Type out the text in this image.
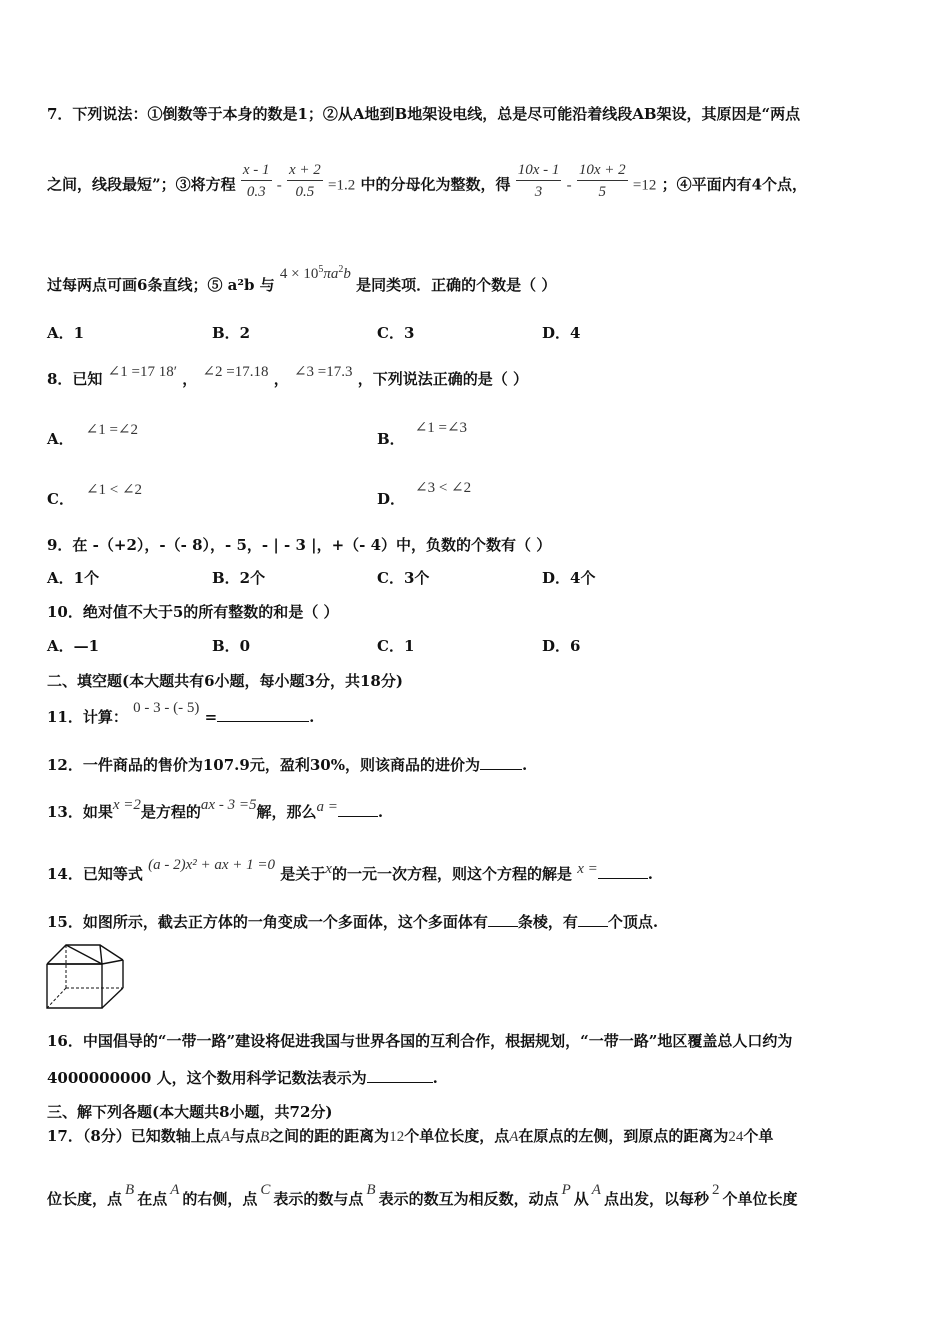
7．下列说法：①倒数等于本身的数是1；②从A地到B地架设电线，总是尽可能沿着线段AB架设，其原因是“两点
之间，线段最短”；③将方程 $\frac{x - 1}{0.3} - \frac{x + 2}{0.5} =1.2$ 中的分母化为整数，得 $\frac{10x - 1}{3} - \frac{10x + 2}{5} =12$ ；④平面内有4个点，
过每两点可画6条直线；⑤ a²b 与 $4 \times 10^5\pi a^2b$ 是同类项．正确的个数是（ ）
A．1	B．2	C．3	D．4
8．已知 ∠1 =17 18′ ， ∠2 =17.18 ， ∠3 =17.3 ，下列说法正确的是（ ）
A． ∠1 =∠2	B．∠1 =∠3
C． ∠1 < ∠2	D．∠3 < ∠2
9．在 -（+2），-（- 8），- 5，- | - 3 |，+（- 4）中，负数的个数有（ ）
A．1个	B．2个	C．3个	D．4个
10．绝对值不大于5的所有整数的和是（ ）
A．—1	B．0	C．1	D．6
二、填空题(本大题共有6小题，每小题3分，共18分)
11．计算： 0 - 3 - (- 5) =	.
12．一件商品的售价为107.9元，盈利30%，则该商品的进价为	.
13．如果x =2是方程的ax - 3 =5解，那么a =	.
14．已知等式 (a - 2)x² + ax + 1 =0 是关于x的一元一次方程，则这个方程的解是 x =	.
15．如图所示，截去正方体的一角变成一个多面体，这个多面体有 条棱，有 个顶点.
16．中国倡导的“一带一路”建设将促进我国与世界各国的互利合作，根据规划，“一带一路”地区覆盖总人口约为
4000000000 人，这个数用科学记数法表示为	.
三、解下列各题(本大题共8小题，共72分)
17．（8分）已知数轴上点A与点B之间的距的距离为12个单位长度，点A在原点的左侧，到原点的距离为24个单
位长度，点 B 在点 A 的右侧，点 C 表示的数与点 B 表示的数互为相反数，动点 P 从 A 点出发，以每秒 2 个单位长度
